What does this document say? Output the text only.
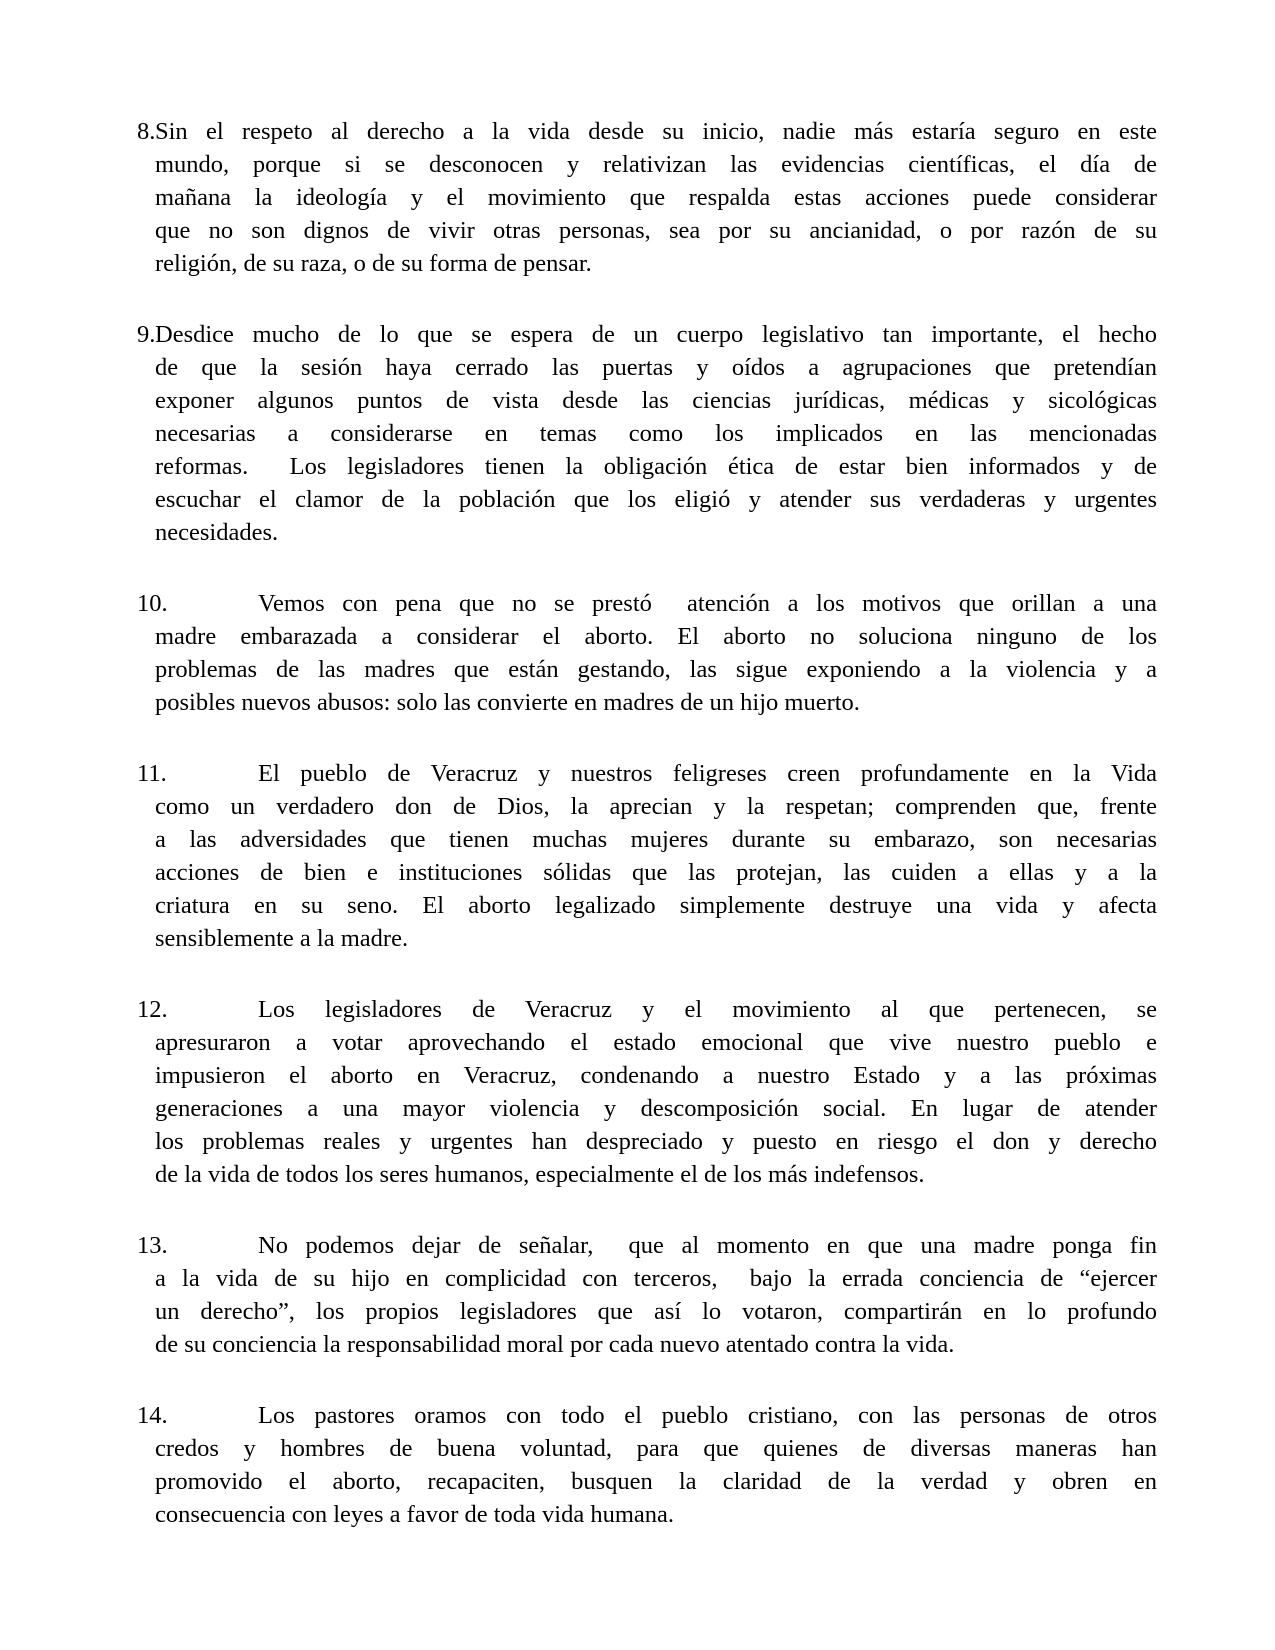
8. Sin el respeto al derecho a la vida desde su inicio, nadie más estaría seguro en este
mundo, porque si se desconocen y relativizan las evidencias científicas, el día de
mañana la ideología y el movimiento que respalda estas acciones puede considerar
que no son dignos de vivir otras personas, sea por su ancianidad, o por razón de su
religión, de su raza, o de su forma de pensar.
9. Desdice mucho de lo que se espera de un cuerpo legislativo tan importante, el hecho
de que la sesión haya cerrado las puertas y oídos a agrupaciones que pretendían
exponer algunos puntos de vista desde las ciencias jurídicas, médicas y sicológicas
necesarias a considerarse en temas como los implicados en las mencionadas
reformas.  Los legisladores tienen la obligación ética de estar bien informados y de
escuchar el clamor de la población que los eligió y atender sus verdaderas y urgentes
necesidades.
10.	Vemos con pena que no se prestó  atención a los motivos que orillan a una
madre embarazada a considerar el aborto. El aborto no soluciona ninguno de los
problemas de las madres que están gestando, las sigue exponiendo a la violencia y a
posibles nuevos abusos: solo las convierte en madres de un hijo muerto.
11.	El pueblo de Veracruz y nuestros feligreses creen profundamente en la Vida
como un verdadero don de Dios, la aprecian y la respetan; comprenden que, frente
a las adversidades que tienen muchas mujeres durante su embarazo, son necesarias
acciones de bien e instituciones sólidas que las protejan, las cuiden a ellas y a la
criatura en su seno. El aborto legalizado simplemente destruye una vida y afecta
sensiblemente a la madre.
12.	Los legisladores de Veracruz y el movimiento al que pertenecen, se
apresuraron a votar aprovechando el estado emocional que vive nuestro pueblo e
impusieron el aborto en Veracruz, condenando a nuestro Estado y a las próximas
generaciones a una mayor violencia y descomposición social. En lugar de atender
los problemas reales y urgentes han despreciado y puesto en riesgo el don y derecho
de la vida de todos los seres humanos, especialmente el de los más indefensos.
13.	No podemos dejar de señalar,  que al momento en que una madre ponga fin
a la vida de su hijo en complicidad con terceros,  bajo la errada conciencia de “ejercer
un derecho”, los propios legisladores que así lo votaron, compartirán en lo profundo
de su conciencia la responsabilidad moral por cada nuevo atentado contra la vida.
14.	Los pastores oramos con todo el pueblo cristiano, con las personas de otros
credos y hombres de buena voluntad, para que quienes de diversas maneras han
promovido el aborto, recapaciten, busquen la claridad de la verdad y obren en
consecuencia con leyes a favor de toda vida humana.
